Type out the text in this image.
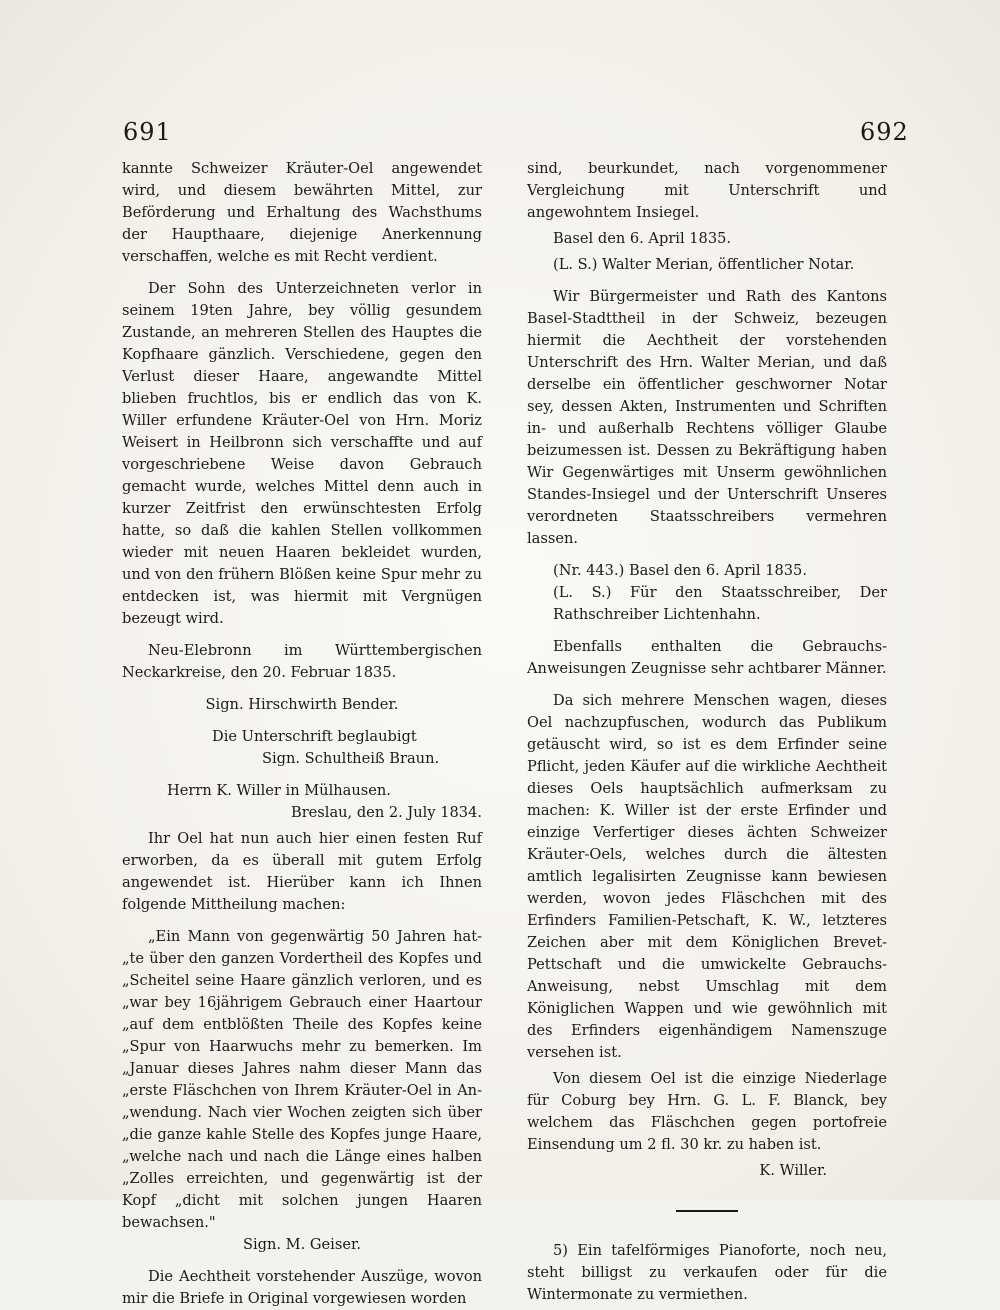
691	692

kannte Schweizer Kräuter-Oel angewendet wird, und diesem bewährten Mittel, zur Beförderung und Erhaltung des Wachsthums der Haupthaare, diejenige Anerkennung verschaffen, welche es mit Recht verdient.

Der Sohn des Unterzeichneten verlor in seinem 19ten Jahre, bey völlig gesundem Zustande, an mehreren Stellen des Hauptes die Kopfhaare gänzlich. Verschiedene, gegen den Verlust dieser Haare, angewandte Mittel blieben fruchtlos, bis er endlich das von K. Willer erfundene Kräuter-Oel von Hrn. Moriz Weisert in Heilbronn sich verschaffte und auf vorgeschriebene Weise davon Gebrauch gemacht wurde, welches Mittel denn auch in kurzer Zeitfrist den erwünschtesten Erfolg hatte, so daß die kahlen Stellen vollkommen wieder mit neuen Haaren bekleidet wurden, und von den frühern Blößen keine Spur mehr zu entdecken ist, was hiermit mit Vergnügen bezeugt wird.

Neu-Elebronn im Württembergischen Neckarkreise, den 20. Februar 1835.

Sign. Hirschwirth Bender.

Die Unterschrift beglaubigt

Sign. Schultheiß Braun.

Herrn K. Willer in Mülhausen.

Breslau, den 2. July 1834.

Ihr Oel hat nun auch hier einen festen Ruf erworben, da es überall mit gutem Erfolg angewendet ist. Hierüber kann ich Ihnen folgende Mittheilung machen:

„Ein Mann von gegenwärtig 50 Jahren hat-„te über den ganzen Vordertheil des Kopfes und „Scheitel seine Haare gänzlich verloren, und es „war bey 16jährigem Gebrauch einer Haartour „auf dem entblößten Theile des Kopfes keine „Spur von Haarwuchs mehr zu bemerken. Im „Januar dieses Jahres nahm dieser Mann das „erste Fläschchen von Ihrem Kräuter-Oel in An-„wendung. Nach vier Wochen zeigten sich über „die ganze kahle Stelle des Kopfes junge Haare, „welche nach und nach die Länge eines halben „Zolles erreichten, und gegenwärtig ist der Kopf „dicht mit solchen jungen Haaren bewachsen."

Sign. M. Geiser.

Die Aechtheit vorstehender Auszüge, wovon mir die Briefe in Original vorgewiesen worden

sind, beurkundet, nach vorgenommener Vergleichung mit Unterschrift und angewohntem Insiegel.

Basel den 6. April 1835.

(L. S.) Walter Merian, öffentlicher Notar.

Wir Bürgermeister und Rath des Kantons Basel-Stadttheil in der Schweiz, bezeugen hiermit die Aechtheit der vorstehenden Unterschrift des Hrn. Walter Merian, und daß derselbe ein öffentlicher geschworner Notar sey, dessen Akten, Instrumenten und Schriften in- und außerhalb Rechtens völliger Glaube beizumessen ist. Dessen zu Bekräftigung haben Wir Gegenwärtiges mit Unserm gewöhnlichen Standes-Insiegel und der Unterschrift Unseres verordneten Staatsschreibers vermehren lassen.

(Nr. 443.) Basel den 6. April 1835.

(L. S.) Für den Staatsschreiber, Der Rathschreiber Lichtenhahn.

Ebenfalls enthalten die Gebrauchs-Anweisungen Zeugnisse sehr achtbarer Männer.

Da sich mehrere Menschen wagen, dieses Oel nachzupfuschen, wodurch das Publikum getäuscht wird, so ist es dem Erfinder seine Pflicht, jeden Käufer auf die wirkliche Aechtheit dieses Oels hauptsächlich aufmerksam zu machen: K. Willer ist der erste Erfinder und einzige Verfertiger dieses ächten Schweizer Kräuter-Oels, welches durch die ältesten amtlich legalisirten Zeugnisse kann bewiesen werden, wovon jedes Fläschchen mit des Erfinders Familien-Petschaft, K. W., letzteres Zeichen aber mit dem Königlichen Brevet-Pettschaft und die umwickelte Gebrauchs-Anweisung, nebst Umschlag mit dem Königlichen Wappen und wie gewöhnlich mit des Erfinders eigenhändigem Namenszuge versehen ist.

Von diesem Oel ist die einzige Niederlage für Coburg bey Hrn. G. L. F. Blanck, bey welchem das Fläschchen gegen portofreie Einsendung um 2 fl. 30 kr. zu haben ist.

K. Willer.

5) Ein tafelförmiges Pianoforte, noch neu, steht billigst zu verkaufen oder für die Wintermonate zu vermiethen.
